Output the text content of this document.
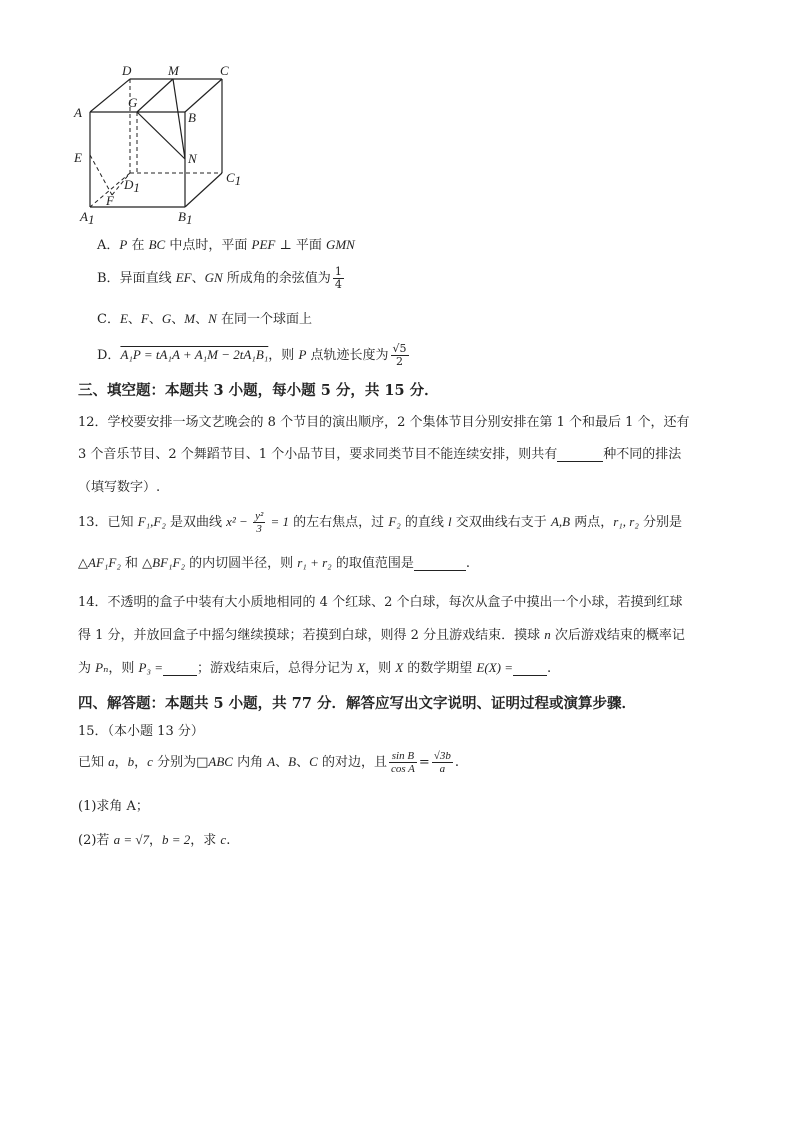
D	M	C
G
A	B
E	N
D1
C1
F
A1	B1
A．P 在 BC 中点时，平面 PEF ⊥ 平面 GMN
B．异面直线 EF、GN 所成角的余弦值为 $\frac{1}{4}$
C．E、F、G、M、N 在同一个球面上
D．A₁P = tA₁A + A₁M − 2tA₁B₁，则 P 点轨迹长度为 $\frac{√5}{2}$
三、填空题：本题共 3 小题，每小题 5 分，共 15 分．
12．学校要安排一场文艺晚会的 8 个节目的演出顺序，2 个集体节目分别安排在第 1 个和最后 1 个，还有
3 个音乐节目、2 个舞蹈节目、1 个小品节目，要求同类节目不能连续安排，则共有	种不同的排法
（填写数字）.
13．已知 F₁,F₂ 是双曲线 $x^2 - \frac{\text{y²}}{3} = 1$ 的左右焦点，过 F₂ 的直线 l 交双曲线右支于 A,B 两点，r₁, r₂ 分别是
△AF₁F₂ 和 △BF₁F₂ 的内切圆半径，则 r₁ + r₂ 的取值范围是	.
14．不透明的盒子中装有大小质地相同的 4 个红球、2 个白球，每次从盒子中摸出一个小球，若摸到红球
得 1 分，并放回盒子中摇匀继续摸球；若摸到白球，则得 2 分且游戏结束．摸球 n 次后游戏结束的概率记
为 Pₙ，则 P₃ =	；游戏结束后，总得分记为 X，则 X 的数学期望 E(X) =	.
四、解答题：本题共 5 小题，共 77 分．解答应写出文字说明、证明过程或演算步骤．
15．（本小题 13 分）
已知 a，b，c 分别为□ABC 内角 A、B、C 的对边，且 $\frac{\text{sin B}}{\text{cos A}} = \frac{√3b}{a}$ .
(1)求角 A；
(2)若 a = √7，b = 2，求 c.
